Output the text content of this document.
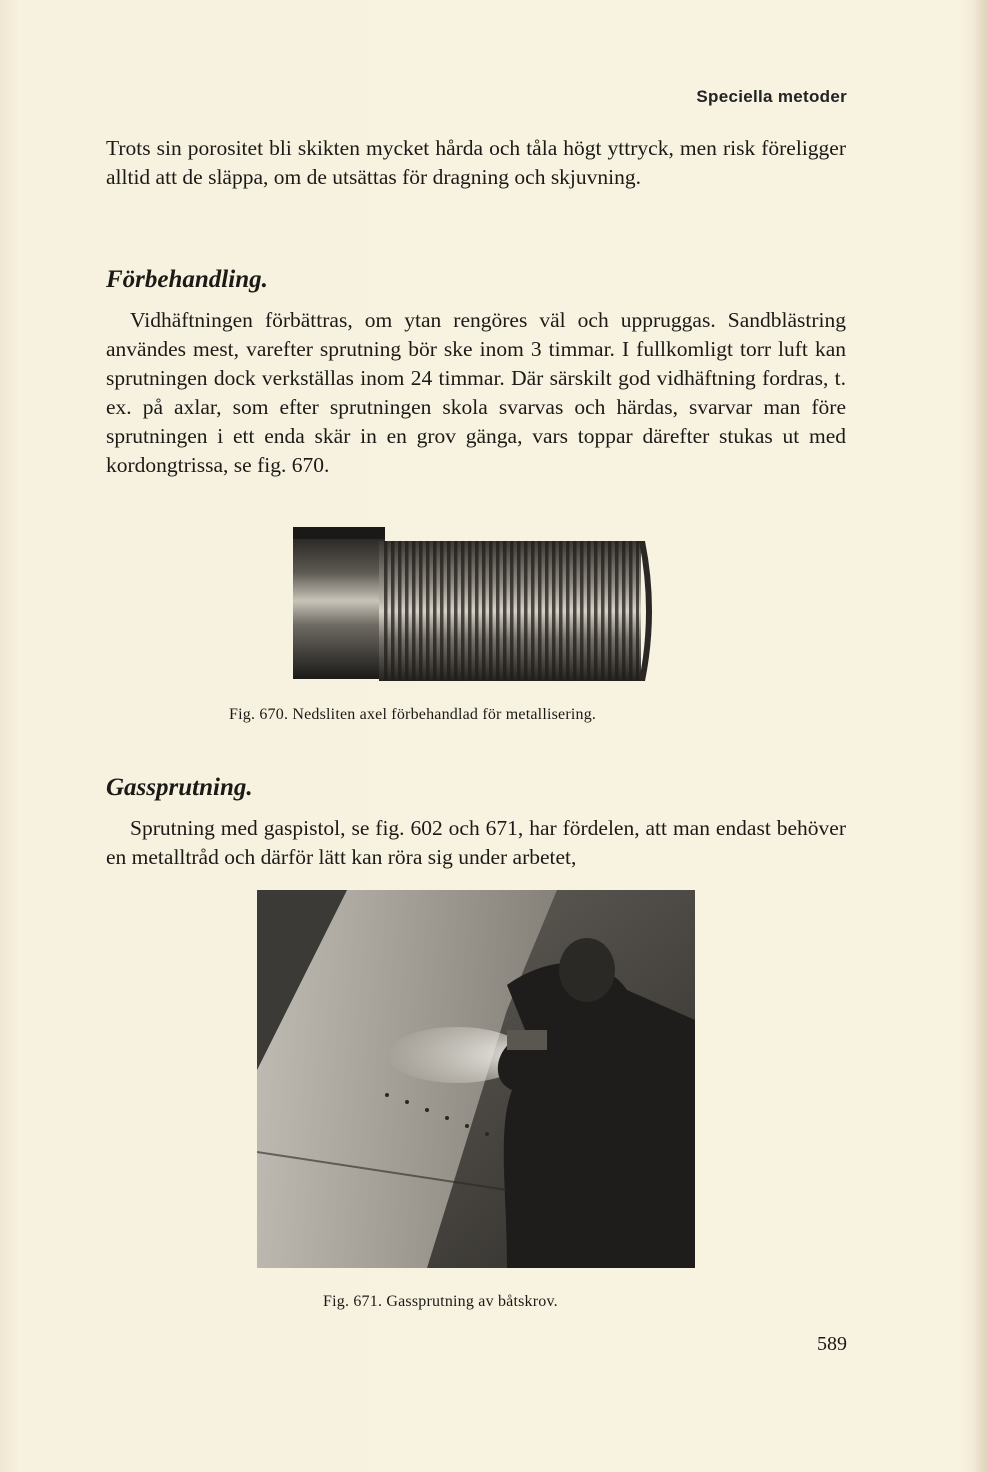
Speciella metoder

Trots sin porositet bli skikten mycket hårda och tåla högt yttryck, men risk föreligger alltid att de släppa, om de utsättas för dragning och skjuvning.

Förbehandling.

Vidhäftningen förbättras, om ytan rengöres väl och uppruggas. Sandblästring användes mest, varefter sprutning bör ske inom 3 timmar. I fullkomligt torr luft kan sprutningen dock verkställas inom 24 timmar. Där särskilt god vidhäftning fordras, t. ex. på axlar, som efter sprutningen skola svarvas och härdas, svarvar man före sprutningen i ett enda skär in en grov gänga, vars toppar därefter stukas ut med kordongtrissa, se fig. 670.

Fig. 670. Nedsliten axel förbehandlad för metallisering.

Gassprutning.

Sprutning med gaspistol, se fig. 602 och 671, har fördelen, att man endast behöver en metalltråd och därför lätt kan röra sig under arbetet,

Fig. 671. Gassprutning av båtskrov.

589
